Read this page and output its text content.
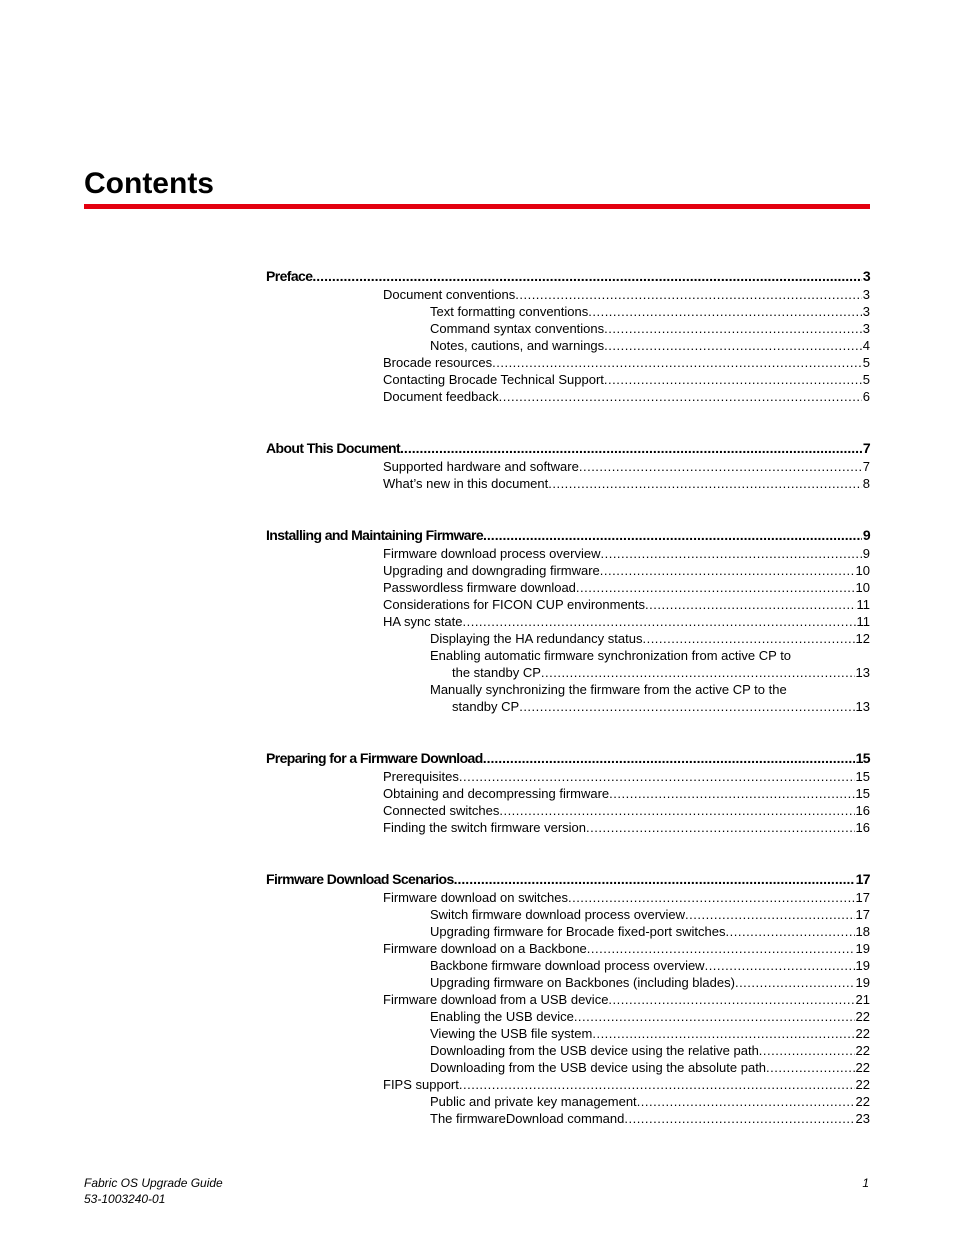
Contents
Preface .....	3
Document conventions .....	3
Text formatting conventions .....	3
Command syntax conventions .....	3
Notes, cautions, and warnings .....	4
Brocade resources .....	5
Contacting Brocade Technical Support .....	5
Document feedback .....	6
About This Document .....	7
Supported hardware and software .....	7
What’s new in this document .....	8
Installing and Maintaining Firmware .....	9
Firmware download process overview .....	9
Upgrading and downgrading firmware .....	10
Passwordless firmware download .....	10
Considerations for FICON CUP environments .....	11
HA sync state .....	11
Displaying the HA redundancy status .....	12
Enabling automatic firmware synchronization from active CP to
the standby CP .....	13
Manually synchronizing the firmware from the active CP to the
standby CP .....	13
Preparing for a Firmware Download .....	15
Prerequisites .....	15
Obtaining and decompressing firmware .....	15
Connected switches .....	16
Finding the switch firmware version .....	16
Firmware Download Scenarios .....	17
Firmware download on switches .....	17
Switch firmware download process overview .....	17
Upgrading firmware for Brocade fixed-port switches .....	18
Firmware download on a Backbone .....	19
Backbone firmware download process overview .....	19
Upgrading firmware on Backbones (including blades) .....	19
Firmware download from a USB device .....	21
Enabling the USB device .....	22
Viewing the USB file system .....	22
Downloading from the USB device using the relative path .....	22
Downloading from the USB device using the absolute path .....	22
FIPS support .....	22
Public and private key management .....	22
The firmwareDownload command .....	23
Fabric OS Upgrade Guide
53-1003240-01
1
